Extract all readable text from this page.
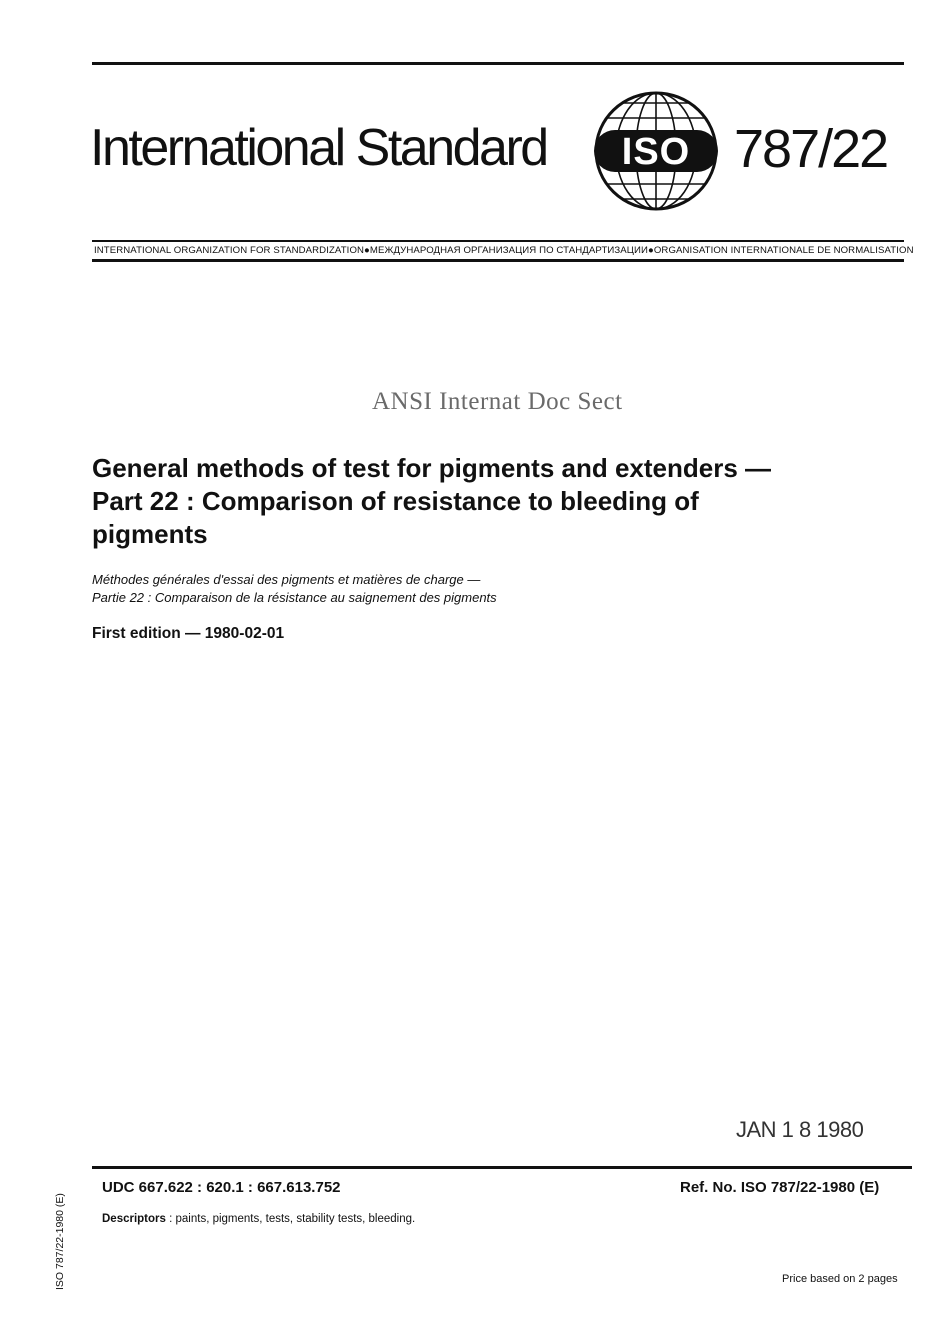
International Standard ISO 787/22
INTERNATIONAL ORGANIZATION FOR STANDARDIZATION●МЕЖДУНАРОДНАЯ ОРГАНИЗАЦИЯ ПО СТАНДАРТИЗАЦИИ●ORGANISATION INTERNATIONALE DE NORMALISATION
ANSI Internat Doc Sect
General methods of test for pigments and extenders —
Part 22 : Comparison of resistance to bleeding of
pigments
Méthodes générales d'essai des pigments et matières de charge —
Partie 22 : Comparaison de la résistance au saignement des pigments
First edition — 1980-02-01
JAN 1 8 1980
UDC 667.622 : 620.1 : 667.613.752	Ref. No. ISO 787/22-1980 (E)
Descriptors : paints, pigments, tests, stability tests, bleeding.
Price based on 2 pages
ISO 787/22-1980 (E)
